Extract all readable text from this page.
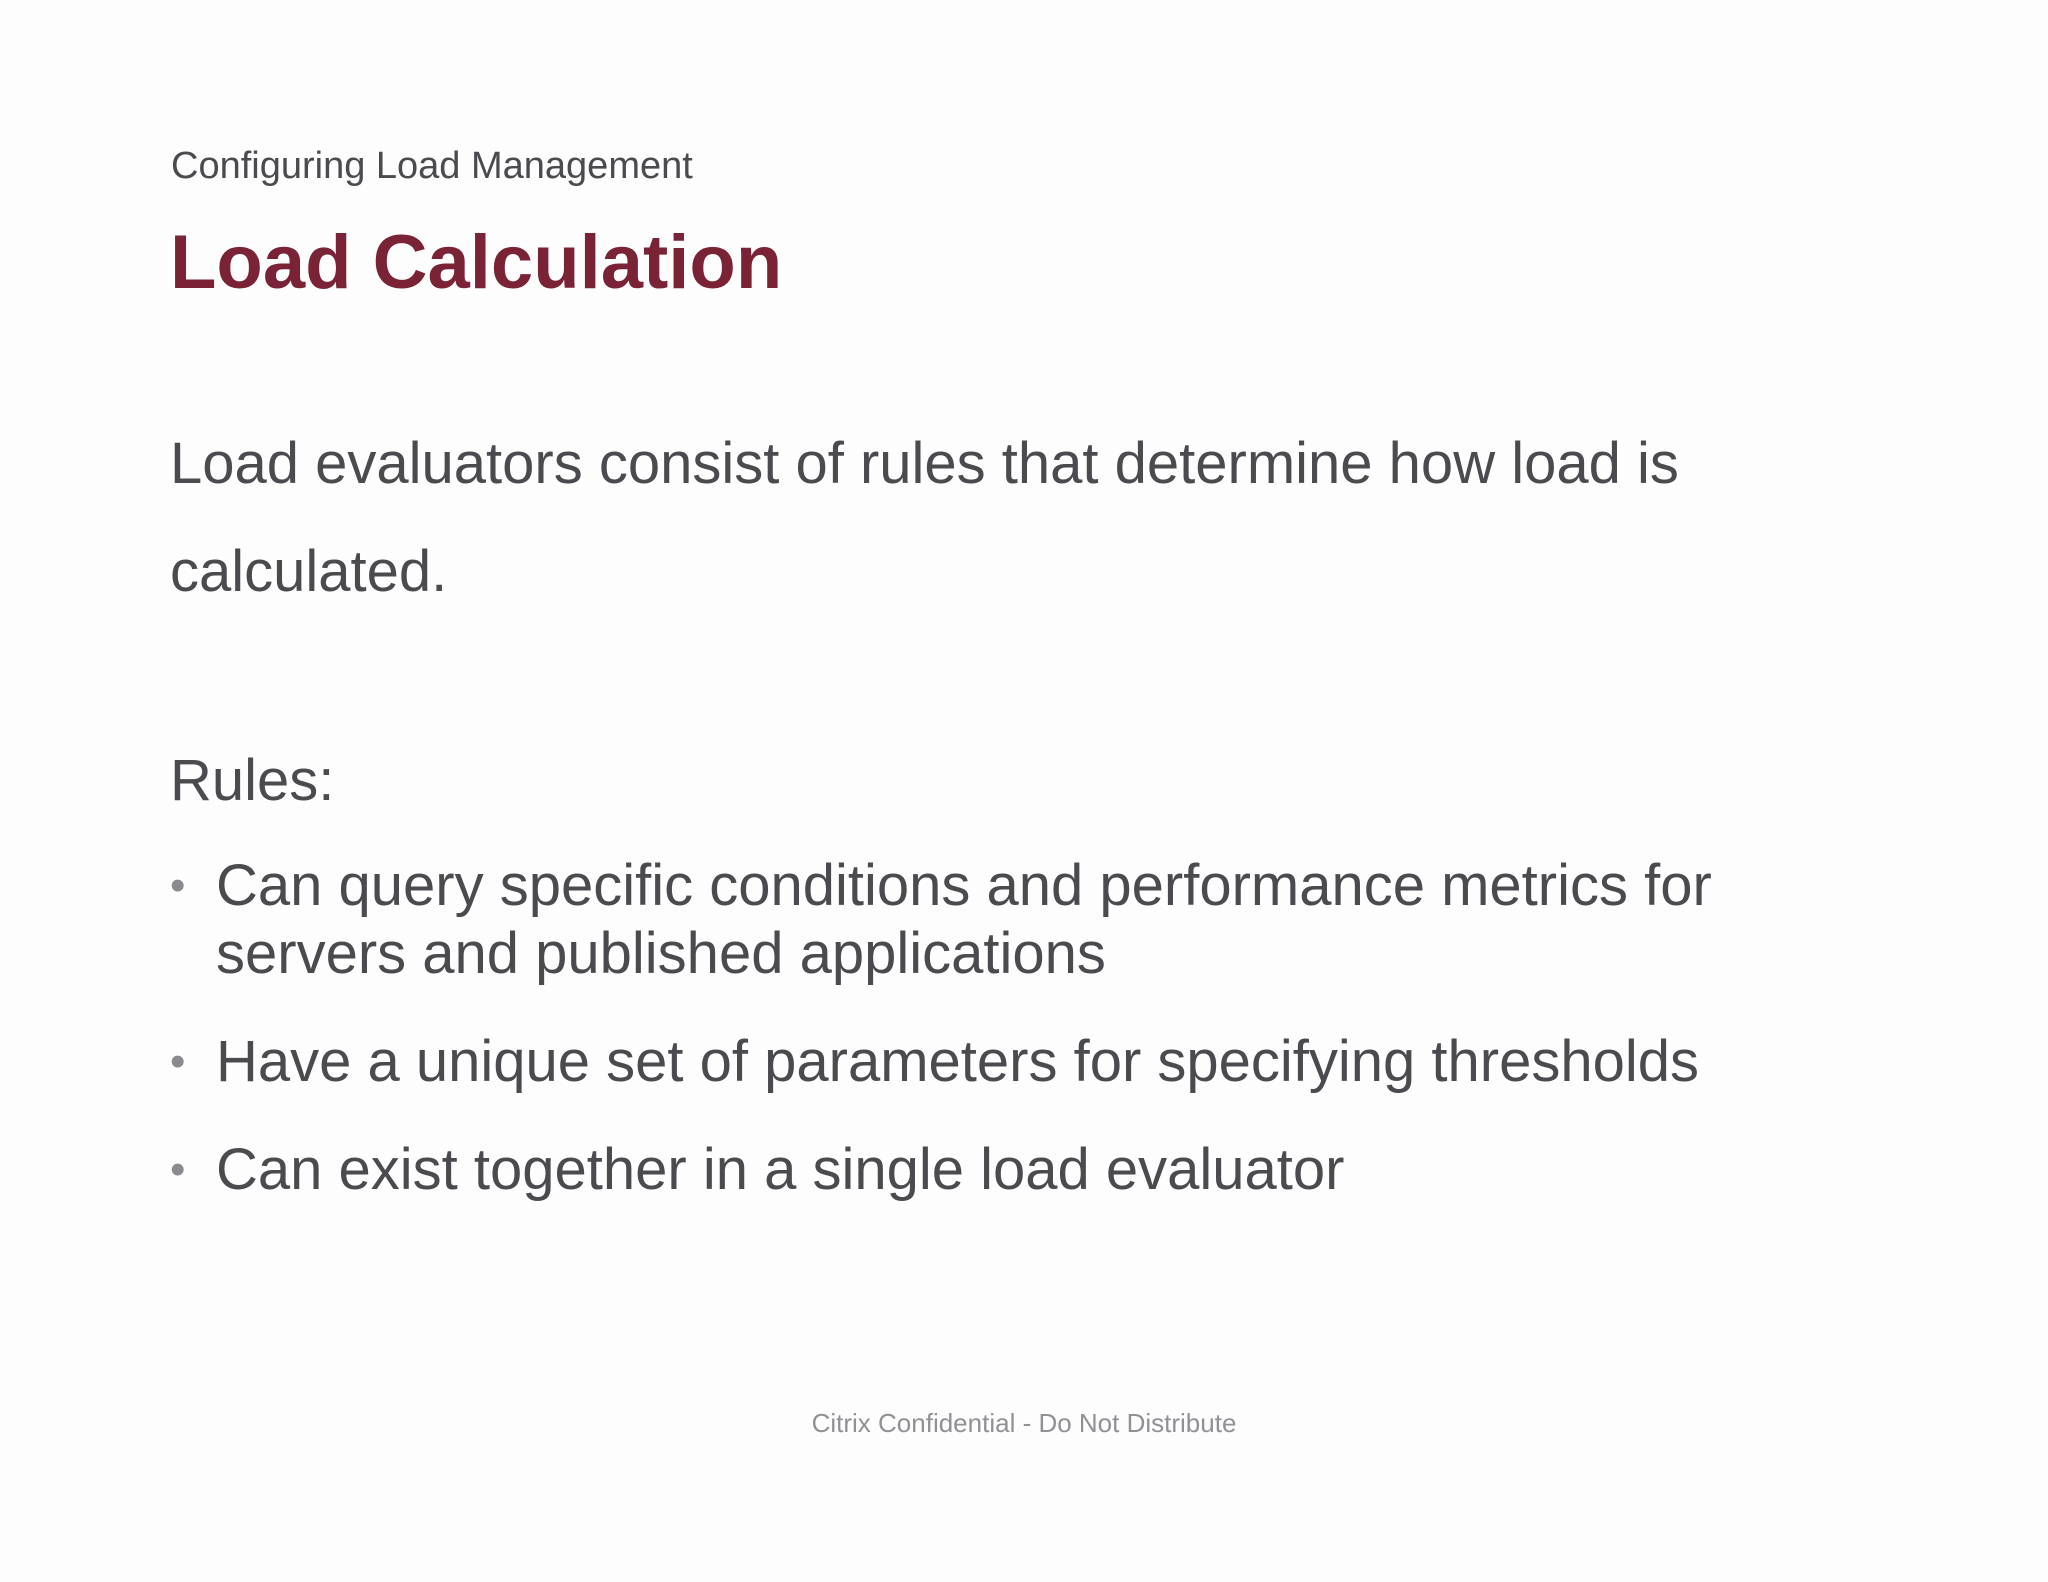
Configuring Load Management
Load Calculation

Load evaluators consist of rules that determine how load is calculated.

Rules:

• Can query specific conditions and performance metrics for servers and published applications
• Have a unique set of parameters for specifying thresholds
• Can exist together in a single load evaluator
Citrix Confidential - Do Not Distribute
